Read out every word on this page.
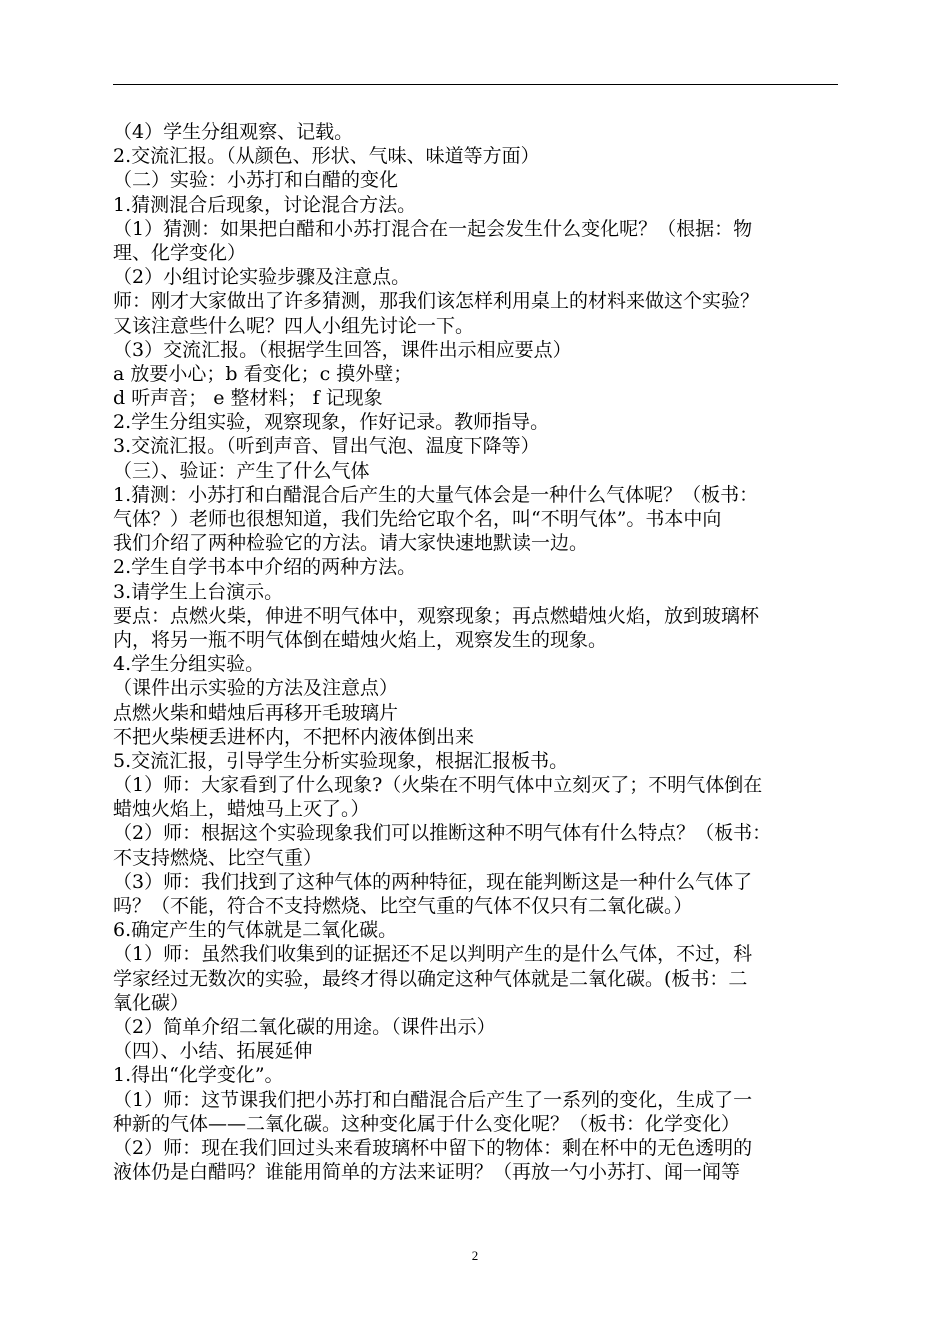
（4）学生分组观察、记载。
2.交流汇报。（从颜色、形状、气味、味道等方面）
（二）实验：小苏打和白醋的变化
1.猜测混合后现象，讨论混合方法。
（1）猜测：如果把白醋和小苏打混合在一起会发生什么变化呢？（根据：物
理、化学变化）
（2）小组讨论实验步骤及注意点。
师：刚才大家做出了许多猜测，那我们该怎样利用桌上的材料来做这个实验？
又该注意些什么呢？四人小组先讨论一下。
（3）交流汇报。（根据学生回答，课件出示相应要点）
a 放要小心；b 看变化；c 摸外壁；
d 听声音； e 整材料； f 记现象
2.学生分组实验，观察现象，作好记录。教师指导。
3.交流汇报。（听到声音、冒出气泡、温度下降等）
（三）、验证：产生了什么气体
1.猜测：小苏打和白醋混合后产生的大量气体会是一种什么气体呢？（板书：
气体？）老师也很想知道，我们先给它取个名，叫“不明气体”。书本中向
我们介绍了两种检验它的方法。请大家快速地默读一边。
2.学生自学书本中介绍的两种方法。
3.请学生上台演示。
要点：点燃火柴，伸进不明气体中，观察现象；再点燃蜡烛火焰，放到玻璃杯
内，将另一瓶不明气体倒在蜡烛火焰上，观察发生的现象。
4.学生分组实验。
（课件出示实验的方法及注意点）
点燃火柴和蜡烛后再移开毛玻璃片
不把火柴梗丢进杯内，不把杯内液体倒出来
5.交流汇报，引导学生分析实验现象，根据汇报板书。
（1）师：大家看到了什么现象?（火柴在不明气体中立刻灭了；不明气体倒在
蜡烛火焰上，蜡烛马上灭了。）
（2）师：根据这个实验现象我们可以推断这种不明气体有什么特点？（板书：
不支持燃烧、比空气重）
（3）师：我们找到了这种气体的两种特征，现在能判断这是一种什么气体了
吗？（不能，符合不支持燃烧、比空气重的气体不仅只有二氧化碳。）
6.确定产生的气体就是二氧化碳。
（1）师：虽然我们收集到的证据还不足以判明产生的是什么气体，不过，科
学家经过无数次的实验，最终才得以确定这种气体就是二氧化碳。(板书：二
氧化碳）
（2）简单介绍二氧化碳的用途。（课件出示）
（四）、小结、拓展延伸
1.得出“化学变化”。
（1）师：这节课我们把小苏打和白醋混合后产生了一系列的变化，生成了一
种新的气体——二氧化碳。这种变化属于什么变化呢？（板书：化学变化）
（2）师：现在我们回过头来看玻璃杯中留下的物体：剩在杯中的无色透明的
液体仍是白醋吗？谁能用简单的方法来证明？（再放一勺小苏打、闻一闻等
2
